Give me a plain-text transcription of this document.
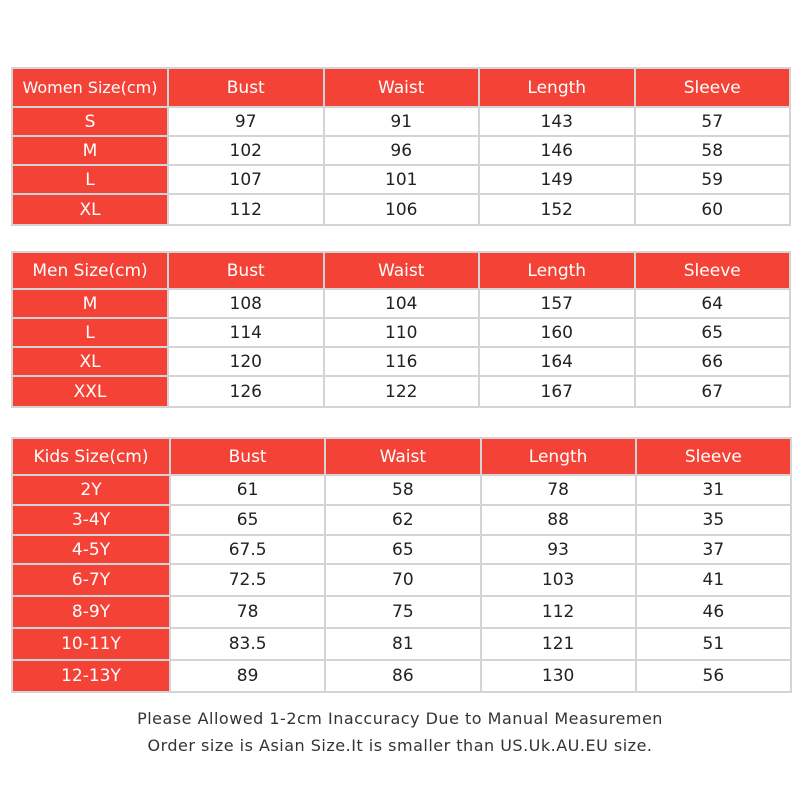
Women Size(cm)	Bust	Waist	Length	Sleeve
S	97	91	143	57
M	102	96	146	58
L	107	101	149	59
XL	112	106	152	60
Men Size(cm)	Bust	Waist	Length	Sleeve
M	108	104	157	64
L	114	110	160	65
XL	120	116	164	66
XXL	126	122	167	67
Kids Size(cm)	Bust	Waist	Length	Sleeve
2Y	61	58	78	31
3-4Y	65	62	88	35
4-5Y	67.5	65	93	37
6-7Y	72.5	70	103	41
8-9Y	78	75	112	46
10-11Y	83.5	81	121	51
12-13Y	89	86	130	56
Please Allowed 1-2cm Inaccuracy Due to Manual Measuremen
Order size is Asian Size.It is smaller than US.Uk.AU.EU size.
